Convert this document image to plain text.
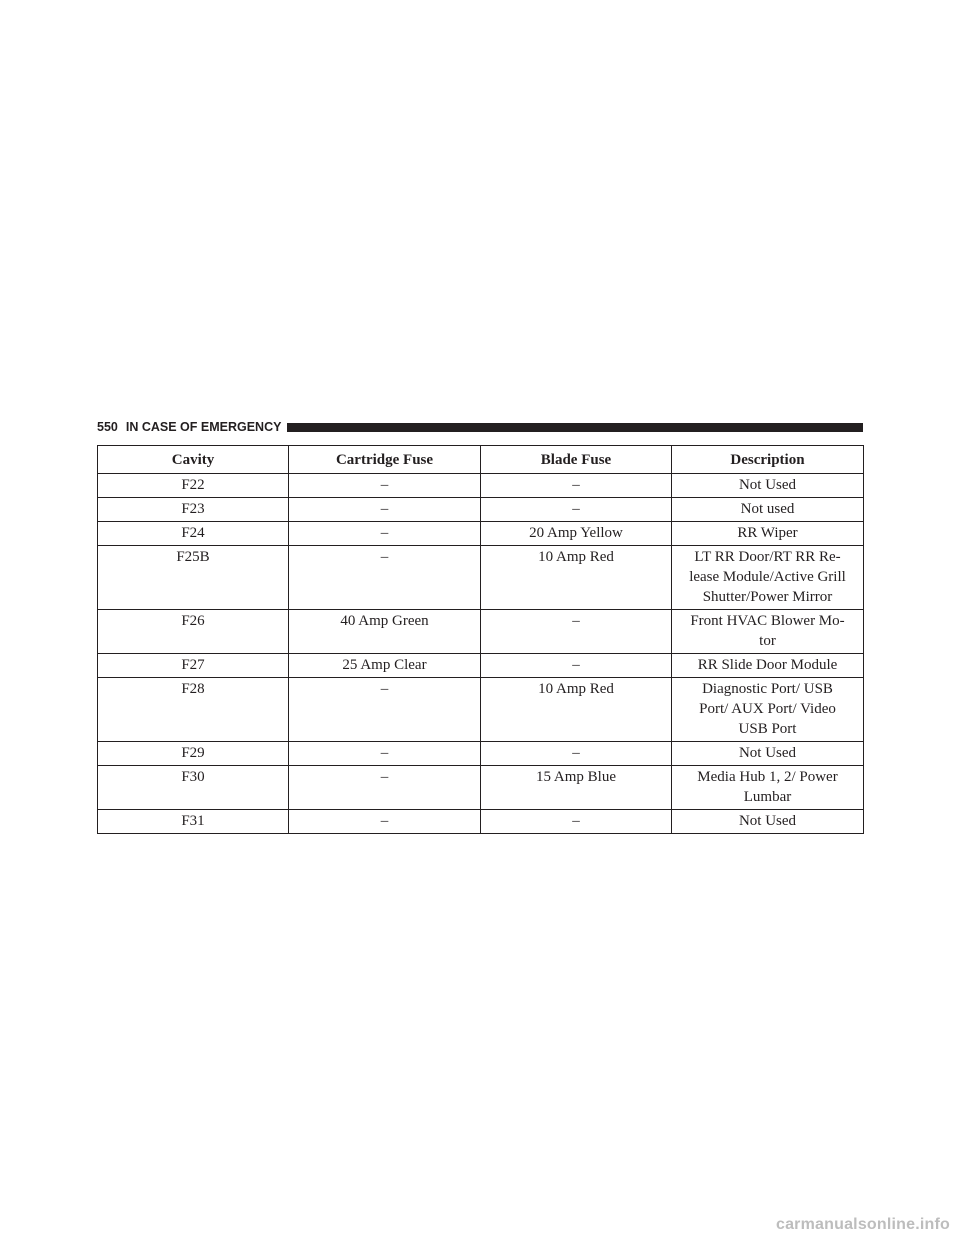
550 IN CASE OF EMERGENCY
Cavity	Cartridge Fuse	Blade Fuse	Description
F22	–	–	Not Used

F23	–	–	Not used

F24	–	20 Amp Yellow	RR Wiper

F25B	–	10 Amp Red	LT RR Door/RT RR Re-
lease Module/Active Grill
Shutter/Power Mirror

F26	40 Amp Green	–	Front HVAC Blower Mo-
tor

F27	25 Amp Clear	–	RR Slide Door Module

F28	–	10 Amp Red	Diagnostic Port/ USB
Port/ AUX Port/ Video
USB Port

F29	–	–	Not Used

F30	–	15 Amp Blue	Media Hub 1, 2/ Power
Lumbar

F31	–	–	Not Used
carmanualsonline.info
